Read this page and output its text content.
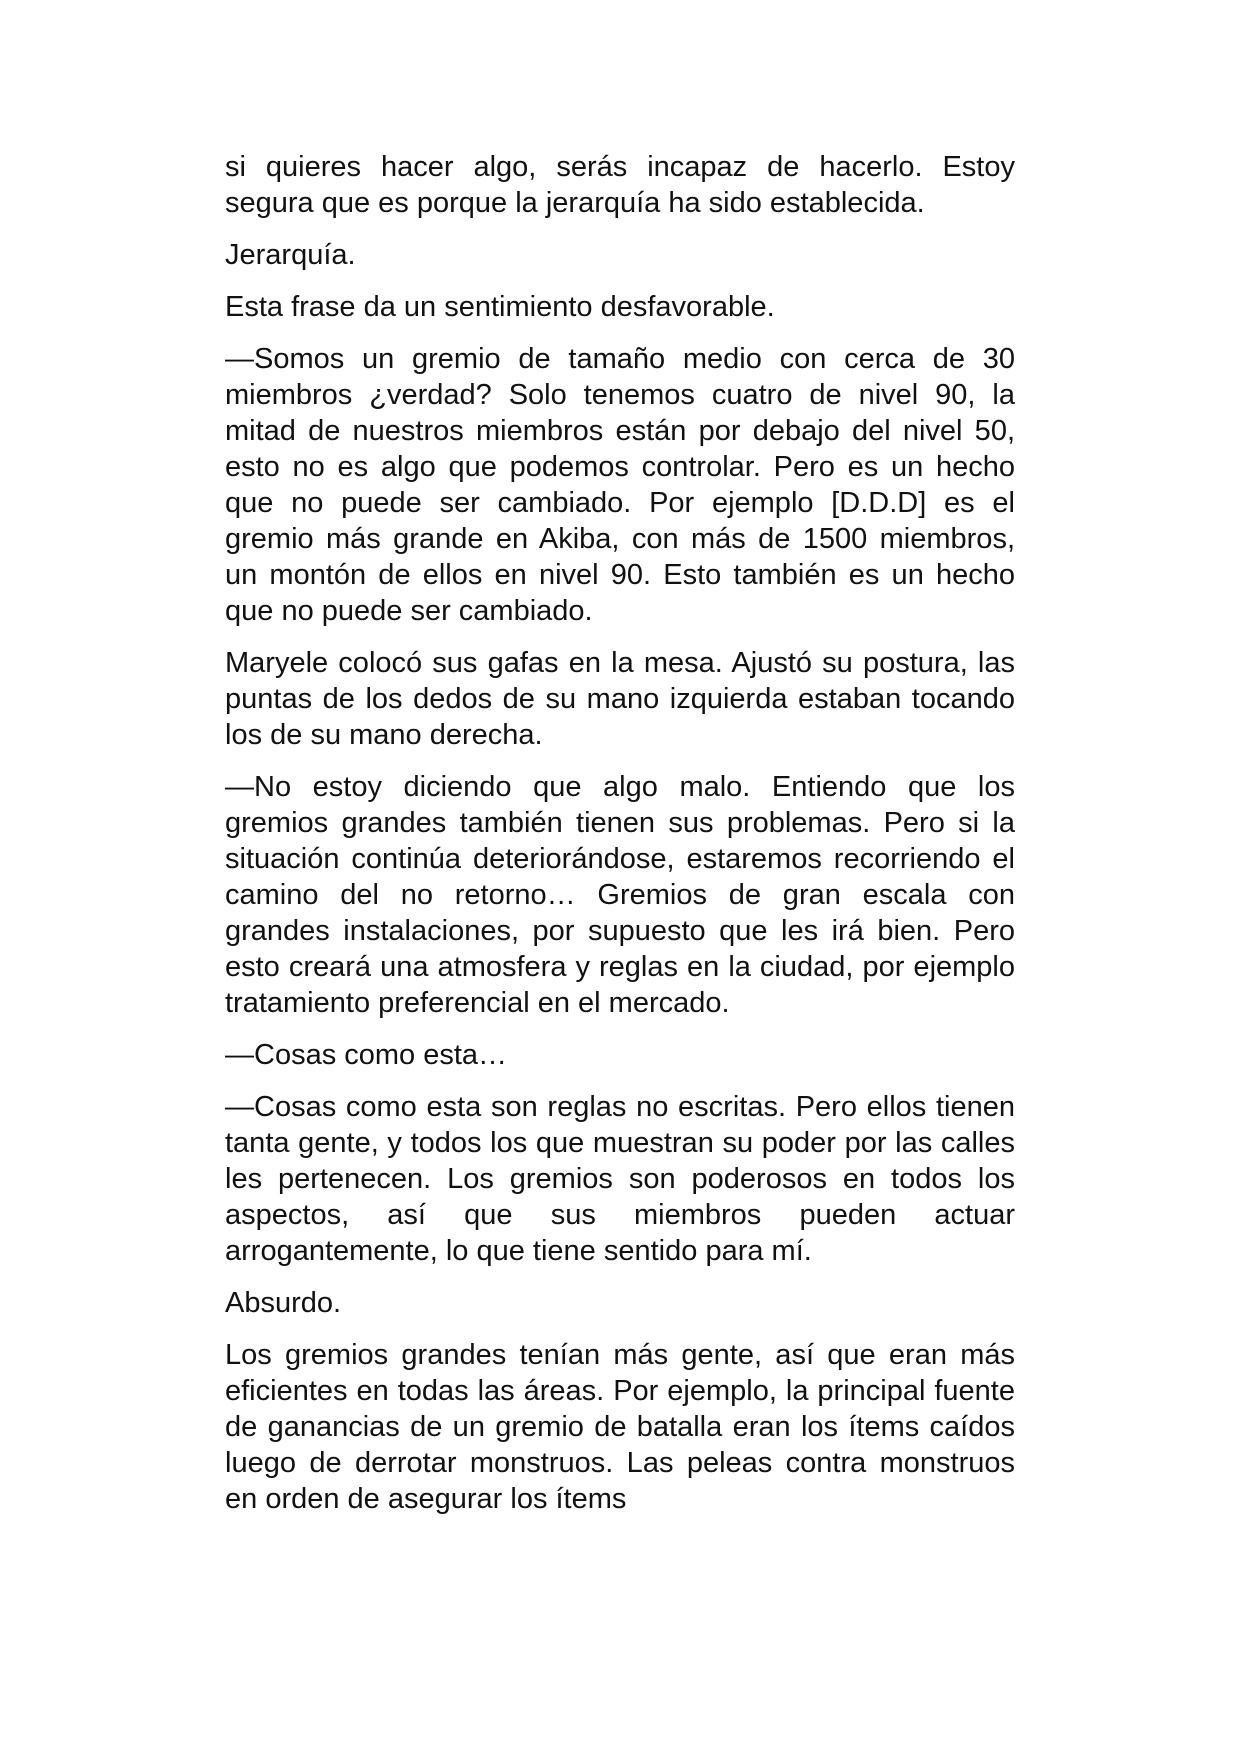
si quieres hacer algo, serás incapaz de hacerlo. Estoy segura que es porque la jerarquía ha sido establecida.

Jerarquía.

Esta frase da un sentimiento desfavorable.

—Somos un gremio de tamaño medio con cerca de 30 miembros ¿verdad? Solo tenemos cuatro de nivel 90, la mitad de nuestros miembros están por debajo del nivel 50, esto no es algo que podemos controlar. Pero es un hecho que no puede ser cambiado. Por ejemplo [D.D.D] es el gremio más grande en Akiba, con más de 1500 miembros, un montón de ellos en nivel 90. Esto también es un hecho que no puede ser cambiado.

Maryele colocó sus gafas en la mesa. Ajustó su postura, las puntas de los dedos de su mano izquierda estaban tocando los de su mano derecha.

—No estoy diciendo que algo malo. Entiendo que los gremios grandes también tienen sus problemas. Pero si la situación continúa deteriorándose, estaremos recorriendo el camino del no retorno… Gremios de gran escala con grandes instalaciones, por supuesto que les irá bien. Pero esto creará una atmosfera y reglas en la ciudad, por ejemplo tratamiento preferencial en el mercado.

—Cosas como esta…

—Cosas como esta son reglas no escritas. Pero ellos tienen tanta gente, y todos los que muestran su poder por las calles les pertenecen. Los gremios son poderosos en todos los aspectos, así que sus miembros pueden actuar arrogantemente, lo que tiene sentido para mí.

Absurdo.

Los gremios grandes tenían más gente, así que eran más eficientes en todas las áreas. Por ejemplo, la principal fuente de ganancias de un gremio de batalla eran los ítems caídos luego de derrotar monstruos. Las peleas contra monstruos en orden de asegurar los ítems
